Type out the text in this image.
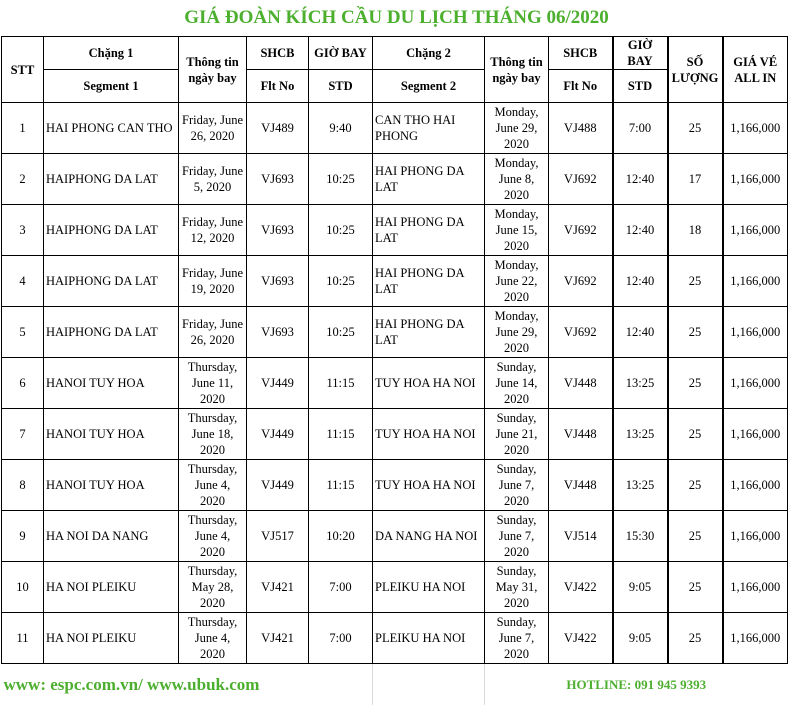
GIÁ ĐOÀN KÍCH CẦU DU LỊCH THÁNG 06/2020
STT	Chặng 1	Thông tin ngày bay	SHCB	GIỜ BAY	Chặng 2	Thông tin ngày bay	SHCB	GIỜ BAY	SỐ LƯỢNG	GIÁ VÉ ALL IN
	Segment 1		Flt No	STD	Segment 2		Flt No	STD		
1	HAI PHONG CAN THO	Friday, June 26, 2020	VJ489	9:40	CAN THO HAI PHONG	Monday, June 29, 2020	VJ488	7:00	25	1,166,000
2	HAIPHONG DA LAT	Friday, June 5, 2020	VJ693	10:25	HAI PHONG DA LAT	Monday, June 8, 2020	VJ692	12:40	17	1,166,000
3	HAIPHONG DA LAT	Friday, June 12, 2020	VJ693	10:25	HAI PHONG DA LAT	Monday, June 15, 2020	VJ692	12:40	18	1,166,000
4	HAIPHONG DA LAT	Friday, June 19, 2020	VJ693	10:25	HAI PHONG DA LAT	Monday, June 22, 2020	VJ692	12:40	25	1,166,000
5	HAIPHONG DA LAT	Friday, June 26, 2020	VJ693	10:25	HAI PHONG DA LAT	Monday, June 29, 2020	VJ692	12:40	25	1,166,000
6	HANOI TUY HOA	Thursday, June 11, 2020	VJ449	11:15	TUY HOA HA NOI	Sunday, June 14, 2020	VJ448	13:25	25	1,166,000
7	HANOI TUY HOA	Thursday, June 18, 2020	VJ449	11:15	TUY HOA HA NOI	Sunday, June 21, 2020	VJ448	13:25	25	1,166,000
8	HANOI TUY HOA	Thursday, June 4, 2020	VJ449	11:15	TUY HOA HA NOI	Sunday, June 7, 2020	VJ448	13:25	25	1,166,000
9	HA NOI DA NANG	Thursday, June 4, 2020	VJ517	10:20	DA NANG HA NOI	Sunday, June 7, 2020	VJ514	15:30	25	1,166,000
10	HA NOI PLEIKU	Thursday, May 28, 2020	VJ421	7:00	PLEIKU HA NOI	Sunday, May 31, 2020	VJ422	9:05	25	1,166,000
11	HA NOI PLEIKU	Thursday, June 4, 2020	VJ421	7:00	PLEIKU HA NOI	Sunday, June 7, 2020	VJ422	9:05	25	1,166,000
www: espc.com.vn/ www.ubuk.com						HOTLINE: 091 945 9393				
